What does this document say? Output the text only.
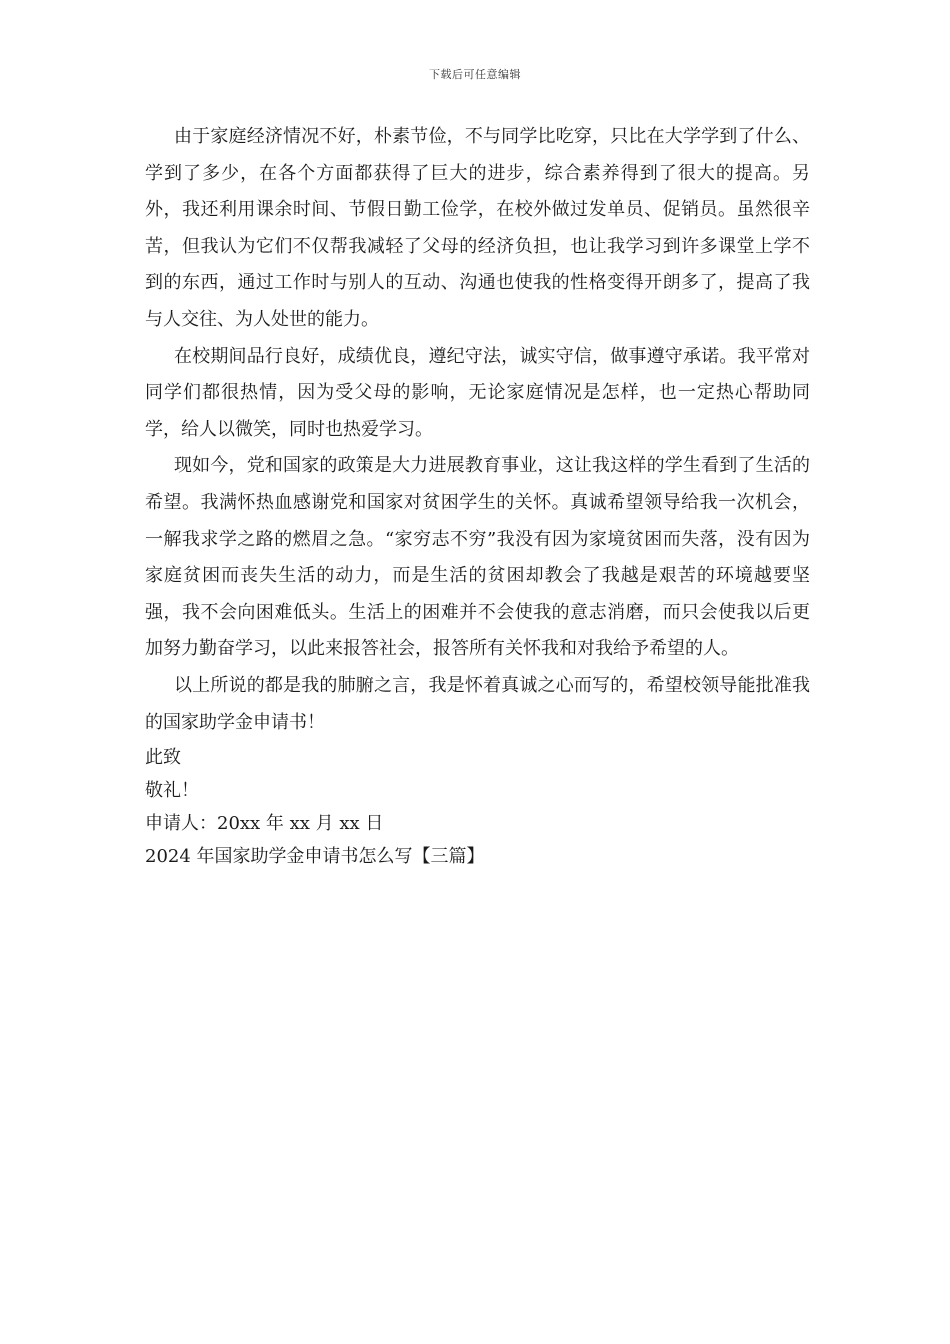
下载后可任意编辑

由于家庭经济情况不好，朴素节俭，不与同学比吃穿，只比在大学学到了什么、学到了多少，在各个方面都获得了巨大的进步，综合素养得到了很大的提高。另外，我还利用课余时间、节假日勤工俭学，在校外做过发单员、促销员。虽然很辛苦，但我认为它们不仅帮我减轻了父母的经济负担，也让我学习到许多课堂上学不到的东西，通过工作时与别人的互动、沟通也使我的性格变得开朗多了，提高了我与人交往、为人处世的能力。

在校期间品行良好，成绩优良，遵纪守法，诚实守信，做事遵守承诺。我平常对同学们都很热情，因为受父母的影响，无论家庭情况是怎样，也一定热心帮助同学，给人以微笑，同时也热爱学习。

现如今，党和国家的政策是大力进展教育事业，这让我这样的学生看到了生活的希望。我满怀热血感谢党和国家对贫困学生的关怀。真诚希望领导给我一次机会，一解我求学之路的燃眉之急。“家穷志不穷”我没有因为家境贫困而失落，没有因为家庭贫困而丧失生活的动力，而是生活的贫困却教会了我越是艰苦的环境越要坚强，我不会向困难低头。生活上的困难并不会使我的意志消磨，而只会使我以后更加努力勤奋学习，以此来报答社会，报答所有关怀我和对我给予希望的人。

以上所说的都是我的肺腑之言，我是怀着真诚之心而写的，希望校领导能批准我的国家助学金申请书！

此致

敬礼！

申请人：20xx 年 xx 月 xx 日

2024 年国家助学金申请书怎么写【三篇】
